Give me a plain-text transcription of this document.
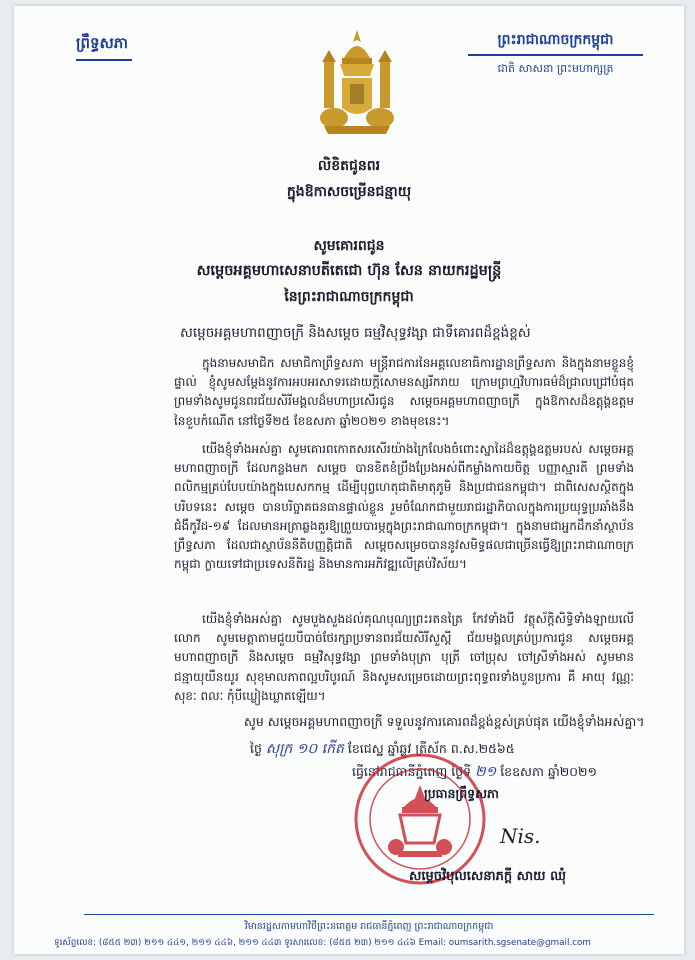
ព្រឹទ្ធសភា	ព្រះរាជាណាចក្រកម្ពុជា
ជាតិ សាសនា ព្រះមហាក្សត្រ
លិខិតជូនពរ
ក្នុងឱកាសចម្រើនជន្មាយុ
សូមគោរពជូន
សម្តេចអគ្គមហាសេនាបតីតេជោ ហ៊ុន សែន នាយករដ្ឋមន្ត្រី
នៃព្រះរាជាណាចក្រកម្ពុជា
សម្តេចអគ្គមហាពញាចក្រី និងសម្តេច ធម្មវិសុទ្ធវង្សា ជាទីគោរពដ៏ខ្ពង់ខ្ពស់
ក្នុងនាមសមាជិក សមាជិកាព្រឹទ្ធសភា មន្ត្រីរាជការនៃអគ្គលេខាធិការដ្ឋានព្រឹទ្ធសភា និងក្នុងនាមខ្លួនខ្ញុំផ្ទាល់ ខ្ញុំសូមសម្តែងនូវការអបអរសាទរដោយក្តីសោមនស្សរីករាយ ក្រោមព្រហ្មវិហារធម៌ដ៏ជ្រាលជ្រៅបំផុតព្រមទាំងសូមជូនពរជ័យសិរីមង្គលដ៏មហាប្រសើរជូន សម្តេចអគ្គមហាពញាចក្រី ក្នុងឱកាសដ៏ឧត្តុង្គឧត្តមនៃខួបកំណើត នៅថ្ងៃទី២៥ ខែឧសភា ឆ្នាំ២០២១ ខាងមុខនេះ។
យើងខ្ញុំទាំងអស់គ្នា សូមគោរពកោតសរសើរយ៉ាងក្រៃលែងចំពោះស្នាដៃដ៏ឧត្តុង្គឧត្តមរបស់ សម្តេចអគ្គមហាពញាចក្រី ដែលកន្លងមក សម្តេច បានខិតខំប្រឹងប្រែងអស់ពីកម្លាំងកាយចិត្ត បញ្ញាស្មារតី ព្រមទាំងពលិកម្មគ្រប់បែបយ៉ាងក្នុងបេសកកម្ម ដើម្បីបុព្វហេតុជាតិមាតុភូមិ និងប្រជាជនកម្ពុជា។ ជាពិសេសស្ថិតក្នុងបរិបទនេះ សម្តេច បានបរិច្ចាគធនធានផ្ទាល់ខ្លួន រួមចំណែកជាមួយរាជរដ្ឋាភិបាលក្នុងការប្រយុទ្ធប្រឆាំងនឹងជំងឺកូវីដ-១៩ ដែលមានអត្រាឆ្លងគួរឱ្យព្រួយបារម្ភក្នុងព្រះរាជាណាចក្រកម្ពុជា។ ក្នុងនាមជាអ្នកដឹកនាំស្ថាប័នព្រឹទ្ធសភា ដែលជាស្ថាប័ននីតិបញ្ញត្តិជាតិ សម្តេចសម្រេចបាននូវសមិទ្ធផលជាច្រើនធ្វើឱ្យព្រះរាជាណាចក្រកម្ពុជា ក្លាយទៅជាប្រទេសនីតិរដ្ឋ និងមានការអភិវឌ្ឍលើគ្រប់វិស័យ។
យើងខ្ញុំទាំងអស់គ្នា សូមបួងសួងដល់គុណបុណ្យព្រះរតនត្រៃ កែវទាំងបី វត្ថុស័ក្តិសិទ្ធិទាំងឡាយលើលោក សូមមេត្តាតាមជួយបីបាច់ថែរក្សាប្រទានពរជ័យសិរីសួស្តី ជ័យមង្គលគ្រប់ប្រការជូន សម្តេចអគ្គមហាពញាចក្រី និងសម្តេច ធម្មវិសុទ្ធវង្សា ព្រមទាំងបុត្រា បុត្រី ចៅប្រុស ចៅស្រីទាំងអស់ សូមមានជន្មាយុយឺនយូរ សុខុមាលភាពល្អបរិបូរណ៍ និងសូមសម្រេចដោយព្រះពុទ្ធពរទាំងបួនប្រការ គឺ អាយុ វណ្ណៈ សុខៈ ពលៈ កុំបីឃ្លៀងឃ្លាតឡើយ។
សូម សម្តេចអគ្គមហាពញាចក្រី ទទួលនូវការគោរពដ៏ខ្ពង់ខ្ពស់គ្រប់ផុត យើងខ្ញុំទាំងអស់គ្នា។
ថ្ងៃ សុក្រ ១០ កើត ខែជេស្ឋ ឆ្នាំឆ្លូវ ត្រីស័ក ព.ស.២៥៦៥
ធ្វើនៅរាជធានីភ្នំពេញ ថ្ងៃទី ២១ ខែឧសភា ឆ្នាំ២០២១
ប្រធានព្រឹទ្ធសភា
Nis.
សម្តេចវិបុលសេនាភក្តី សាយ ឈុំ
វិមានរដ្ឋសភាមហាវិថីព្រះនរោត្តម រាជធានីភ្នំពេញ ព្រះរាជាណាចក្រកម្ពុជា
ទូរស័ព្ទលេខ: (៨៥៥ ២៣) ២១១ ៤៤១, ២១១ ៤៤៦, ២១១ ៤៤៣ ទូរសារលេខ: (៨៥៥ ២៣) ២១១ ៤៤៦ Email: oumsarith.sgsenate@gmail.com
